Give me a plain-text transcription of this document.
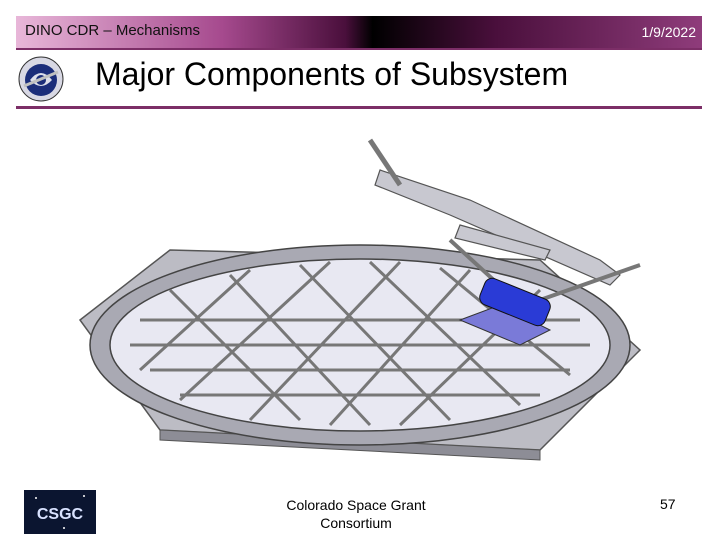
DINO CDR – Mechanisms	1/9/2022
Major Components of Subsystem
CSGC
Colorado Space Grant
Consortium
57
